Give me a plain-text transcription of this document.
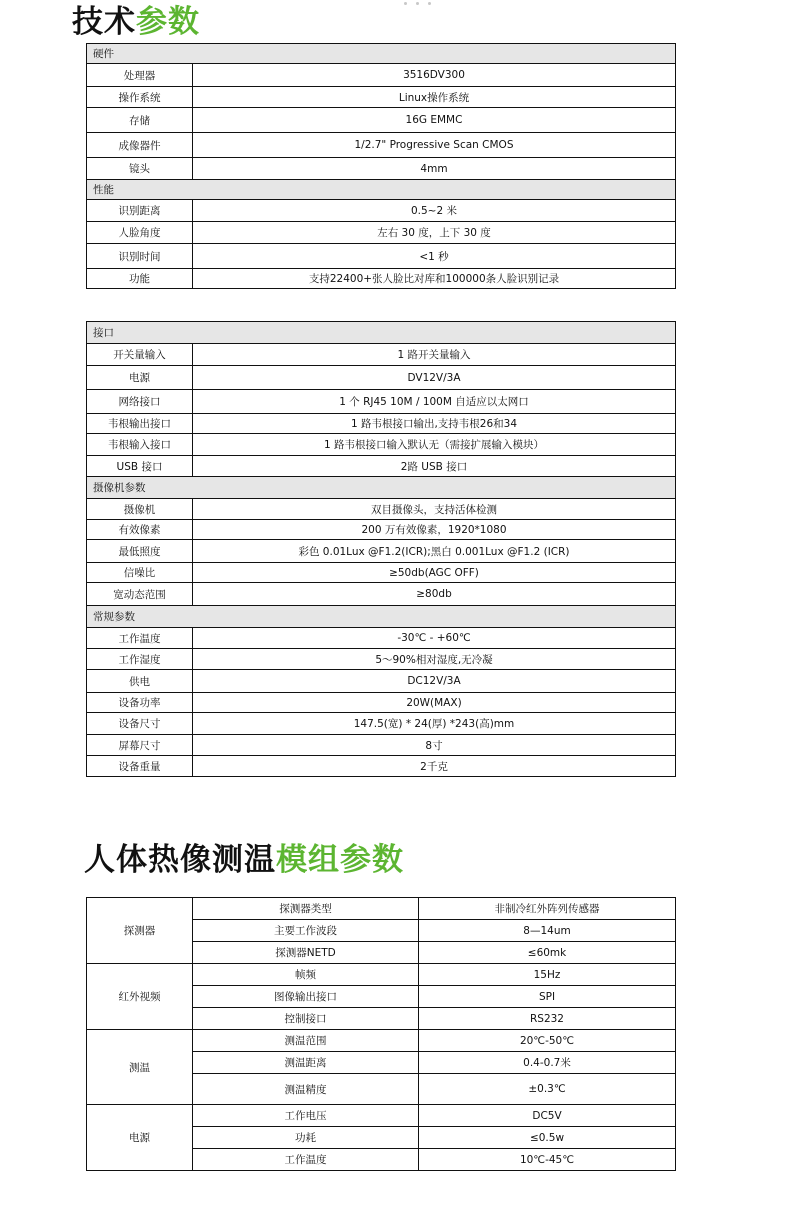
技术参数
硬件	
处理器	3516DV300
操作系统	Linux操作系统
存储	16G EMMC
成像器件	1/2.7" Progressive Scan CMOS
镜头	4mm
性能	
识别距离	0.5~2 米
人脸角度	左右 30 度，上下 30 度
识别时间	<1 秒
功能	支持22400+张人脸比对库和100000条人脸识别记录
接口	
开关量输入	1 路开关量输入
电源	DV12V/3A
网络接口	1 个 RJ45 10M / 100M 自适应以太网口
韦根输出接口	1 路韦根接口输出,支持韦根26和34
韦根输入接口	1 路韦根接口输入默认无（需接扩展输入模块）
USB 接口	2路 USB 接口
摄像机参数	
摄像机	双目摄像头，支持活体检测
有效像素	200 万有效像素，1920*1080
最低照度	彩色 0.01Lux @F1.2(ICR);黑白 0.001Lux @F1.2 (ICR)
信噪比	≥50db(AGC OFF)
宽动态范围	≥80db
常规参数	
工作温度	-30℃ - +60℃
工作湿度	5～90%相对湿度,无冷凝
供电	DC12V/3A
设备功率	20W(MAX)
设备尺寸	147.5(宽) * 24(厚) *243(高)mm
屏幕尺寸	8寸
设备重量	2千克
人体热像测温模组参数
探测器	探测器类型	非制冷红外阵列传感器
	主要工作波段	8—14um
	探测器NETD	≤60mk
红外视频	帧频	15Hz
	图像输出接口	SPI
	控制接口	RS232
测温	测温范围	20℃-50℃
	测温距离	0.4-0.7米
	测温精度	±0.3℃
电源	工作电压	DC5V
	功耗	≤0.5w
	工作温度	10℃-45℃
